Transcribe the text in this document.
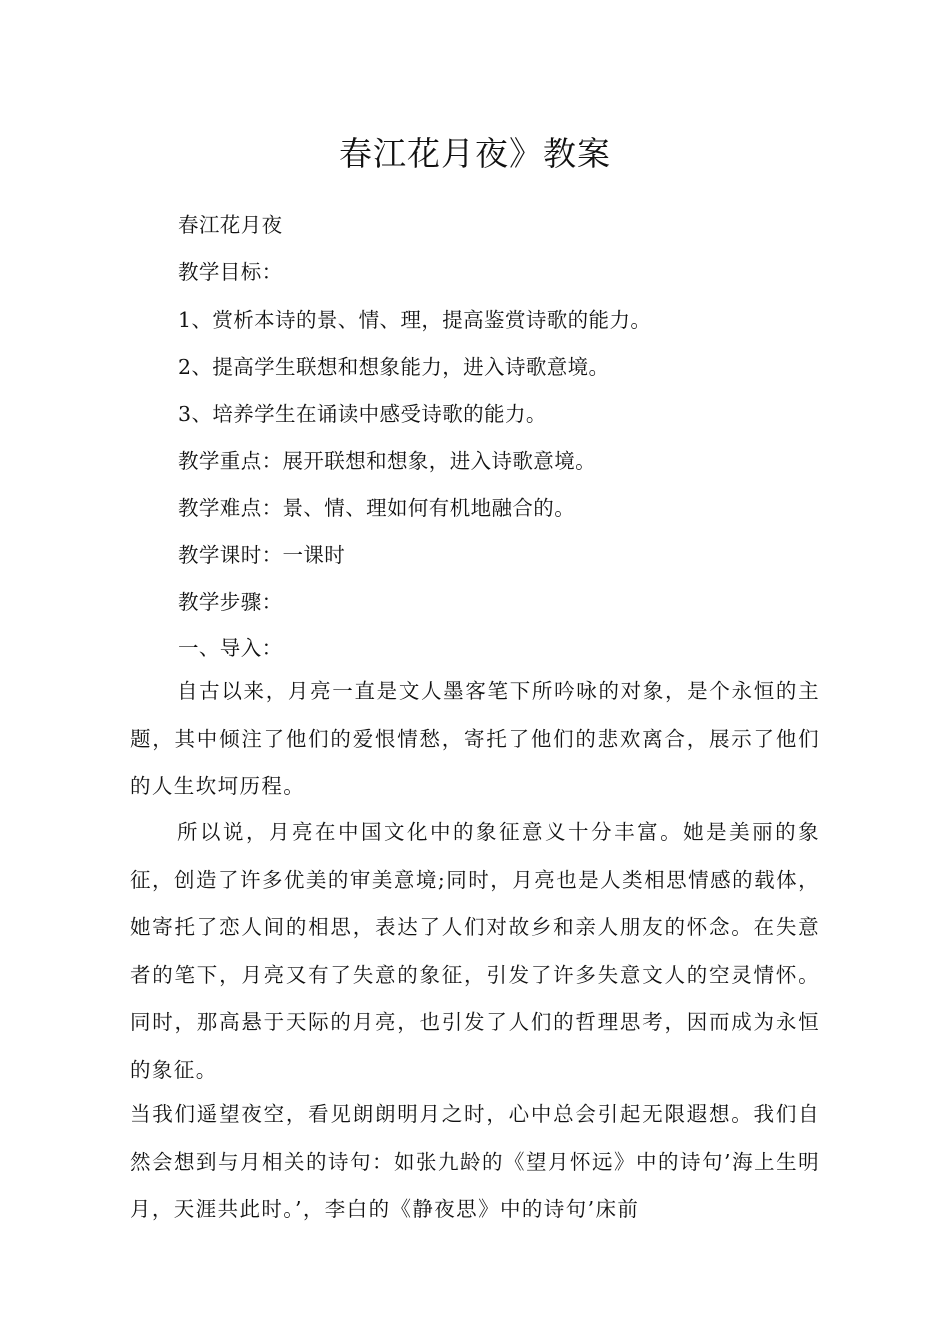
春江花月夜》教案
春江花月夜
教学目标：
1、赏析本诗的景、情、理，提高鉴赏诗歌的能力。
2、提高学生联想和想象能力，进入诗歌意境。
3、培养学生在诵读中感受诗歌的能力。
教学重点：展开联想和想象，进入诗歌意境。
教学难点：景、情、理如何有机地融合的。
教学课时：一课时
教学步骤：
一、导入：

自古以来，月亮一直是文人墨客笔下所吟咏的对象，是个永恒的主题，其中倾注了他们的爱恨情愁，寄托了他们的悲欢离合，展示了他们的人生坎坷历程。

所以说，月亮在中国文化中的象征意义十分丰富。她是美丽的象征，创造了许多优美的审美意境;同时，月亮也是人类相思情感的载体，她寄托了恋人间的相思，表达了人们对故乡和亲人朋友的怀念。在失意者的笔下，月亮又有了失意的象征，引发了许多失意文人的空灵情怀。同时，那高悬于天际的月亮，也引发了人们的哲理思考，因而成为永恒的象征。

当我们遥望夜空，看见朗朗明月之时，心中总会引起无限遐想。我们自然会想到与月相关的诗句：如张九龄的《望月怀远》中的诗句’海上生明月，天涯共此时。’，李白的《静夜思》中的诗句’床前
